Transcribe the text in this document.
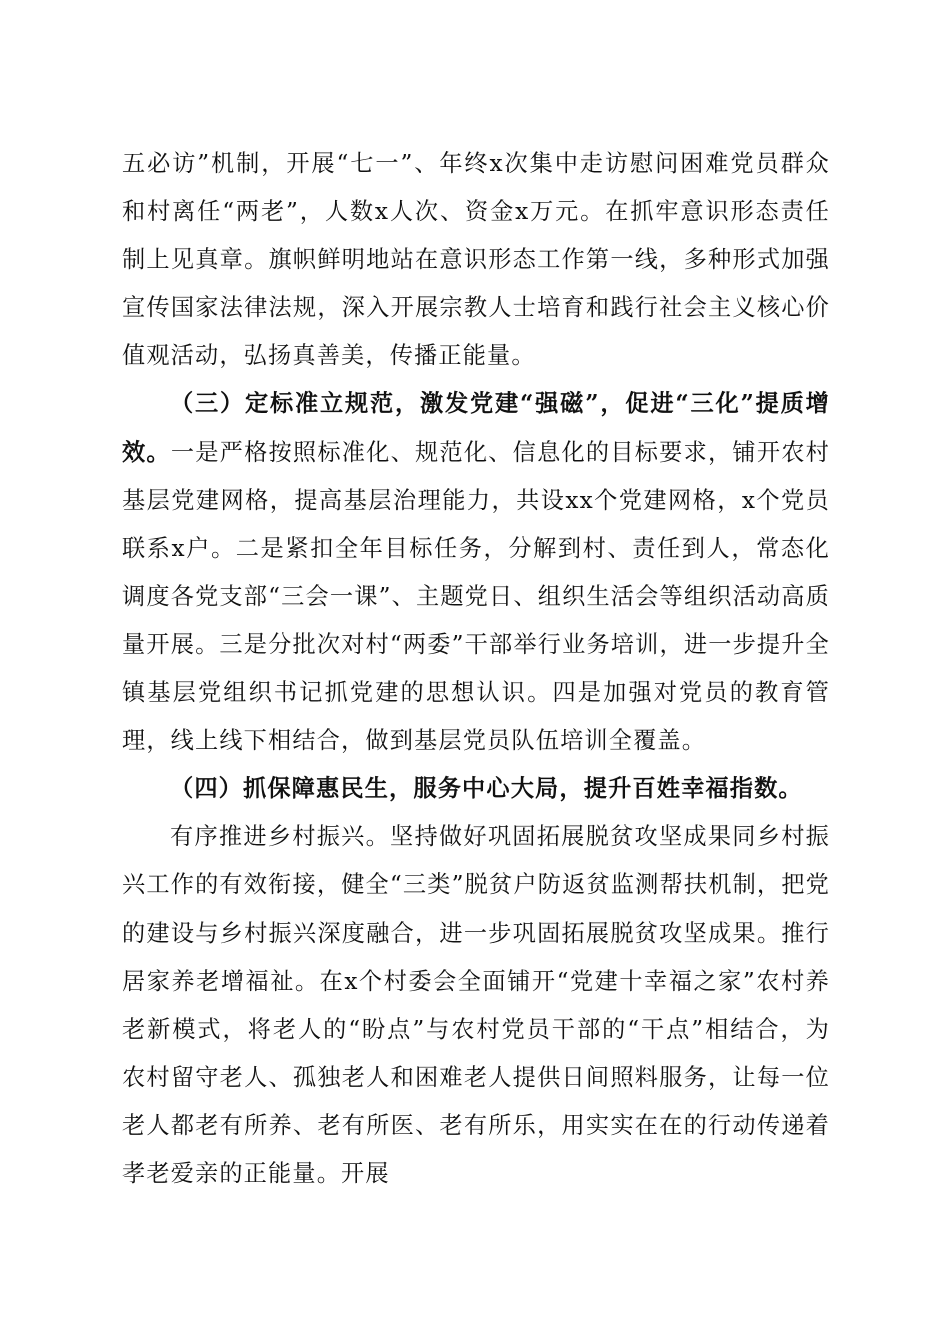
五必访”机制，开展“七一”、年终x次集中走访慰问困难党员群众和村离任“两老”，人数x人次、资金x万元。在抓牢意识形态责任制上见真章。旗帜鲜明地站在意识形态工作第一线，多种形式加强宣传国家法律法规，深入开展宗教人士培育和践行社会主义核心价值观活动，弘扬真善美，传播正能量。

（三）定标准立规范，激发党建“强磁”，促进“三化”提质增效。一是严格按照标准化、规范化、信息化的目标要求，铺开农村基层党建网格，提高基层治理能力，共设xx个党建网格，x个党员联系x户。二是紧扣全年目标任务，分解到村、责任到人，常态化调度各党支部“三会一课”、主题党日、组织生活会等组织活动高质量开展。三是分批次对村“两委”干部举行业务培训，进一步提升全镇基层党组织书记抓党建的思想认识。四是加强对党员的教育管理，线上线下相结合，做到基层党员队伍培训全覆盖。

（四）抓保障惠民生，服务中心大局，提升百姓幸福指数。

有序推进乡村振兴。坚持做好巩固拓展脱贫攻坚成果同乡村振兴工作的有效衔接，健全“三类”脱贫户防返贫监测帮扶机制，把党的建设与乡村振兴深度融合，进一步巩固拓展脱贫攻坚成果。推行居家养老增福祉。在x个村委会全面铺开“党建十幸福之家”农村养老新模式，将老人的“盼点”与农村党员干部的“干点”相结合，为农村留守老人、孤独老人和困难老人提供日间照料服务，让每一位老人都老有所养、老有所医、老有所乐，用实实在在的行动传递着孝老爱亲的正能量。开展
